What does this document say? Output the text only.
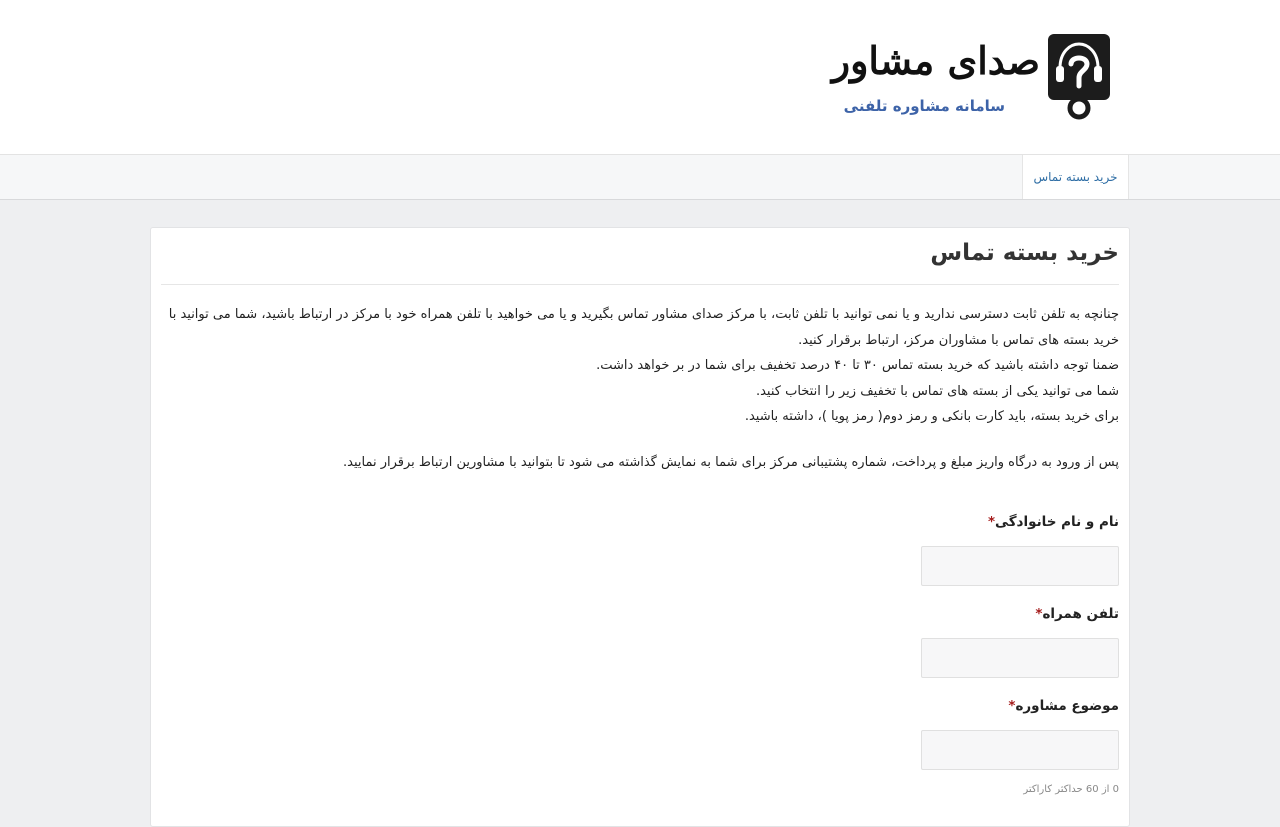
صدای مشاور
سامانه مشاوره تلفنی
خرید بسته تماس
خرید بسته تماس

چنانچه به تلفن ثابت دسترسی ندارید و یا نمی توانید با تلفن ثابت، با مرکز صدای مشاور تماس بگیرید و یا می خواهید با تلفن همراه خود با مرکز در ارتباط باشید، شما می توانید با خرید بسته های تماس با مشاوران مرکز، ارتباط برقرار کنید.

ضمنا توجه داشته باشید که خرید بسته تماس ۳۰ تا ۴۰ درصد تخفیف برای شما در بر خواهد داشت.

شما می توانید یکی از بسته های تماس با تخفیف زیر را انتخاب کنید.

برای خرید بسته، باید کارت بانکی و رمز دوم( رمز پویا )، داشته باشید.

پس از ورود به درگاه واریز مبلغ و پرداخت، شماره پشتیبانی مرکز برای شما به نمایش گذاشته می شود تا بتوانید با مشاورین ارتباط برقرار نمایید.

نام و نام خانوادگی*
تلفن همراه*
موضوع مشاوره*
0 از 60 حداکثر کاراکتر
